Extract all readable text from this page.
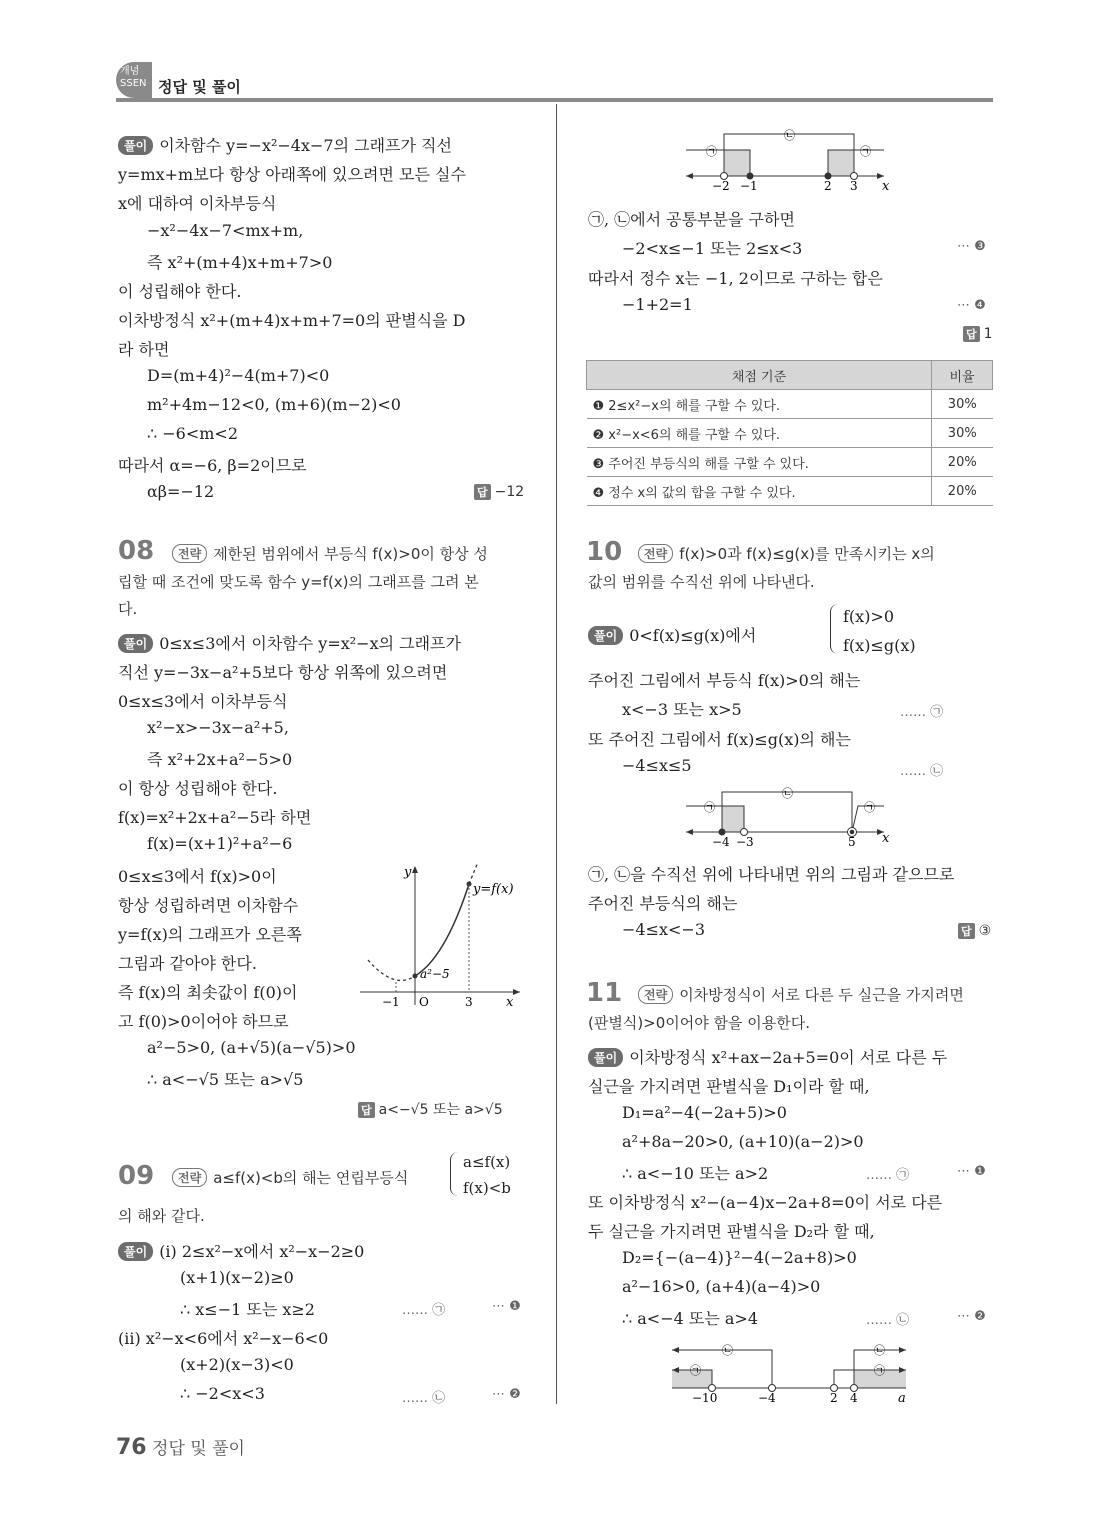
개념 SSEN 정답 및 풀이
풀이 이차함수 y=−x²−4x−7의 그래프가 직선
y=mx+m보다 항상 아래쪽에 있으려면 모든 실수
x에 대하여 이차부등식
−x²−4x−7<mx+m,
즉 x²+(m+4)x+m+7>0
이 성립해야 한다.
이차방정식 x²+(m+4)x+m+7=0의 판별식을 D
라 하면
D=(m+4)²−4(m+7)<0
m²+4m−12<0, (m+6)(m−2)<0
∴ −6<m<2
따라서 α=−6, β=2이므로
αβ=−12	답 −12
08	전략 제한된 범위에서 부등식 f(x)>0이 항상 성
립할 때 조건에 맞도록 함수 y=f(x)의 그래프를 그려 본
다.
풀이 0≤x≤3에서 이차함수 y=x²−x의 그래프가
직선 y=−3x−a²+5보다 항상 위쪽에 있으려면
0≤x≤3에서 이차부등식
x²−x>−3x−a²+5,
즉 x²+2x+a²−5>0
이 항상 성립해야 한다.
f(x)=x²+2x+a²−5라 하면
f(x)=(x+1)²+a²−6
0≤x≤3에서 f(x)>0이
항상 성립하려면 이차함수
y=f(x)의 그래프가 오른쪽
그림과 같아야 한다.
즉 f(x)의 최솟값이 f(0)이
고 f(0)>0이어야 하므로
a²−5>0, (a+√5)(a−√5)>0
∴ a<−√5 또는 a>√5
답 a<−√5 또는 a>√5
y
y=f(x)
a²−5
−1 O	3	x
09	전략 a≤f(x)<b의 해는 연립부등식
a≤f(x)
f(x)<b
의 해와 같다.
풀이 (i) 2≤x²−x에서 x²−x−2≥0
(x+1)(x−2)≥0
∴ x≤−1 또는 x≥2
(ii) x²−x<6에서 x²−x−6<0
(x+2)(x−3)<0
∴ −2<x<3
…… ㉠	⋯ ❶
…… ㉡	⋯ ❷
㉠
㉡
㉠
−2 −1	2 3 x
㉠, ㉡에서 공통부분을 구하면
−2<x≤−1 또는 2≤x<3
따라서 정수 x는 −1, 2이므로 구하는 합은
−1+2=1
⋯ ❸
⋯ ❹
답 1
채점 기준	비율
❶ 2≤x²−x의 해를 구할 수 있다.	30%
❷ x²−x<6의 해를 구할 수 있다.	30%
❸ 주어진 부등식의 해를 구할 수 있다.	20%
❹ 정수 x의 값의 합을 구할 수 있다.	20%
10	전략 f(x)>0과 f(x)≤g(x)를 만족시키는 x의
값의 범위를 수직선 위에 나타낸다.
풀이 0<f(x)≤g(x)에서
f(x)>0
f(x)≤g(x)
주어진 그림에서 부등식 f(x)>0의 해는
x<−3 또는 x>5
또 주어진 그림에서 f(x)≤g(x)의 해는
−4≤x≤5
…… ㉠
…… ㉡
㉠
㉡
㉠
−4 −3	5 x
㉠, ㉡을 수직선 위에 나타내면 위의 그림과 같으므로
주어진 부등식의 해는
−4≤x<−3	답 ③
11	전략 이차방정식이 서로 다른 두 실근을 가지려면
(판별식)>0이어야 함을 이용한다.
풀이 이차방정식 x²+ax−2a+5=0이 서로 다른 두
실근을 가지려면 판별식을 D₁이라 할 때,
D₁=a²−4(−2a+5)>0
a²+8a−20>0, (a+10)(a−2)>0
∴ a<−10 또는 a>2
또 이차방정식 x²−(a−4)x−2a+8=0이 서로 다른
두 실근을 가지려면 판별식을 D₂라 할 때,
D₂={−(a−4)}²−4(−2a+8)>0
a²−16>0, (a+4)(a−4)>0
∴ a<−4 또는 a>4
…… ㉠	⋯ ❶
…… ㉡	⋯ ❷
㉡
㉠
㉡
㉠
−10	−4	2 4	a
76 정답 및 풀이
